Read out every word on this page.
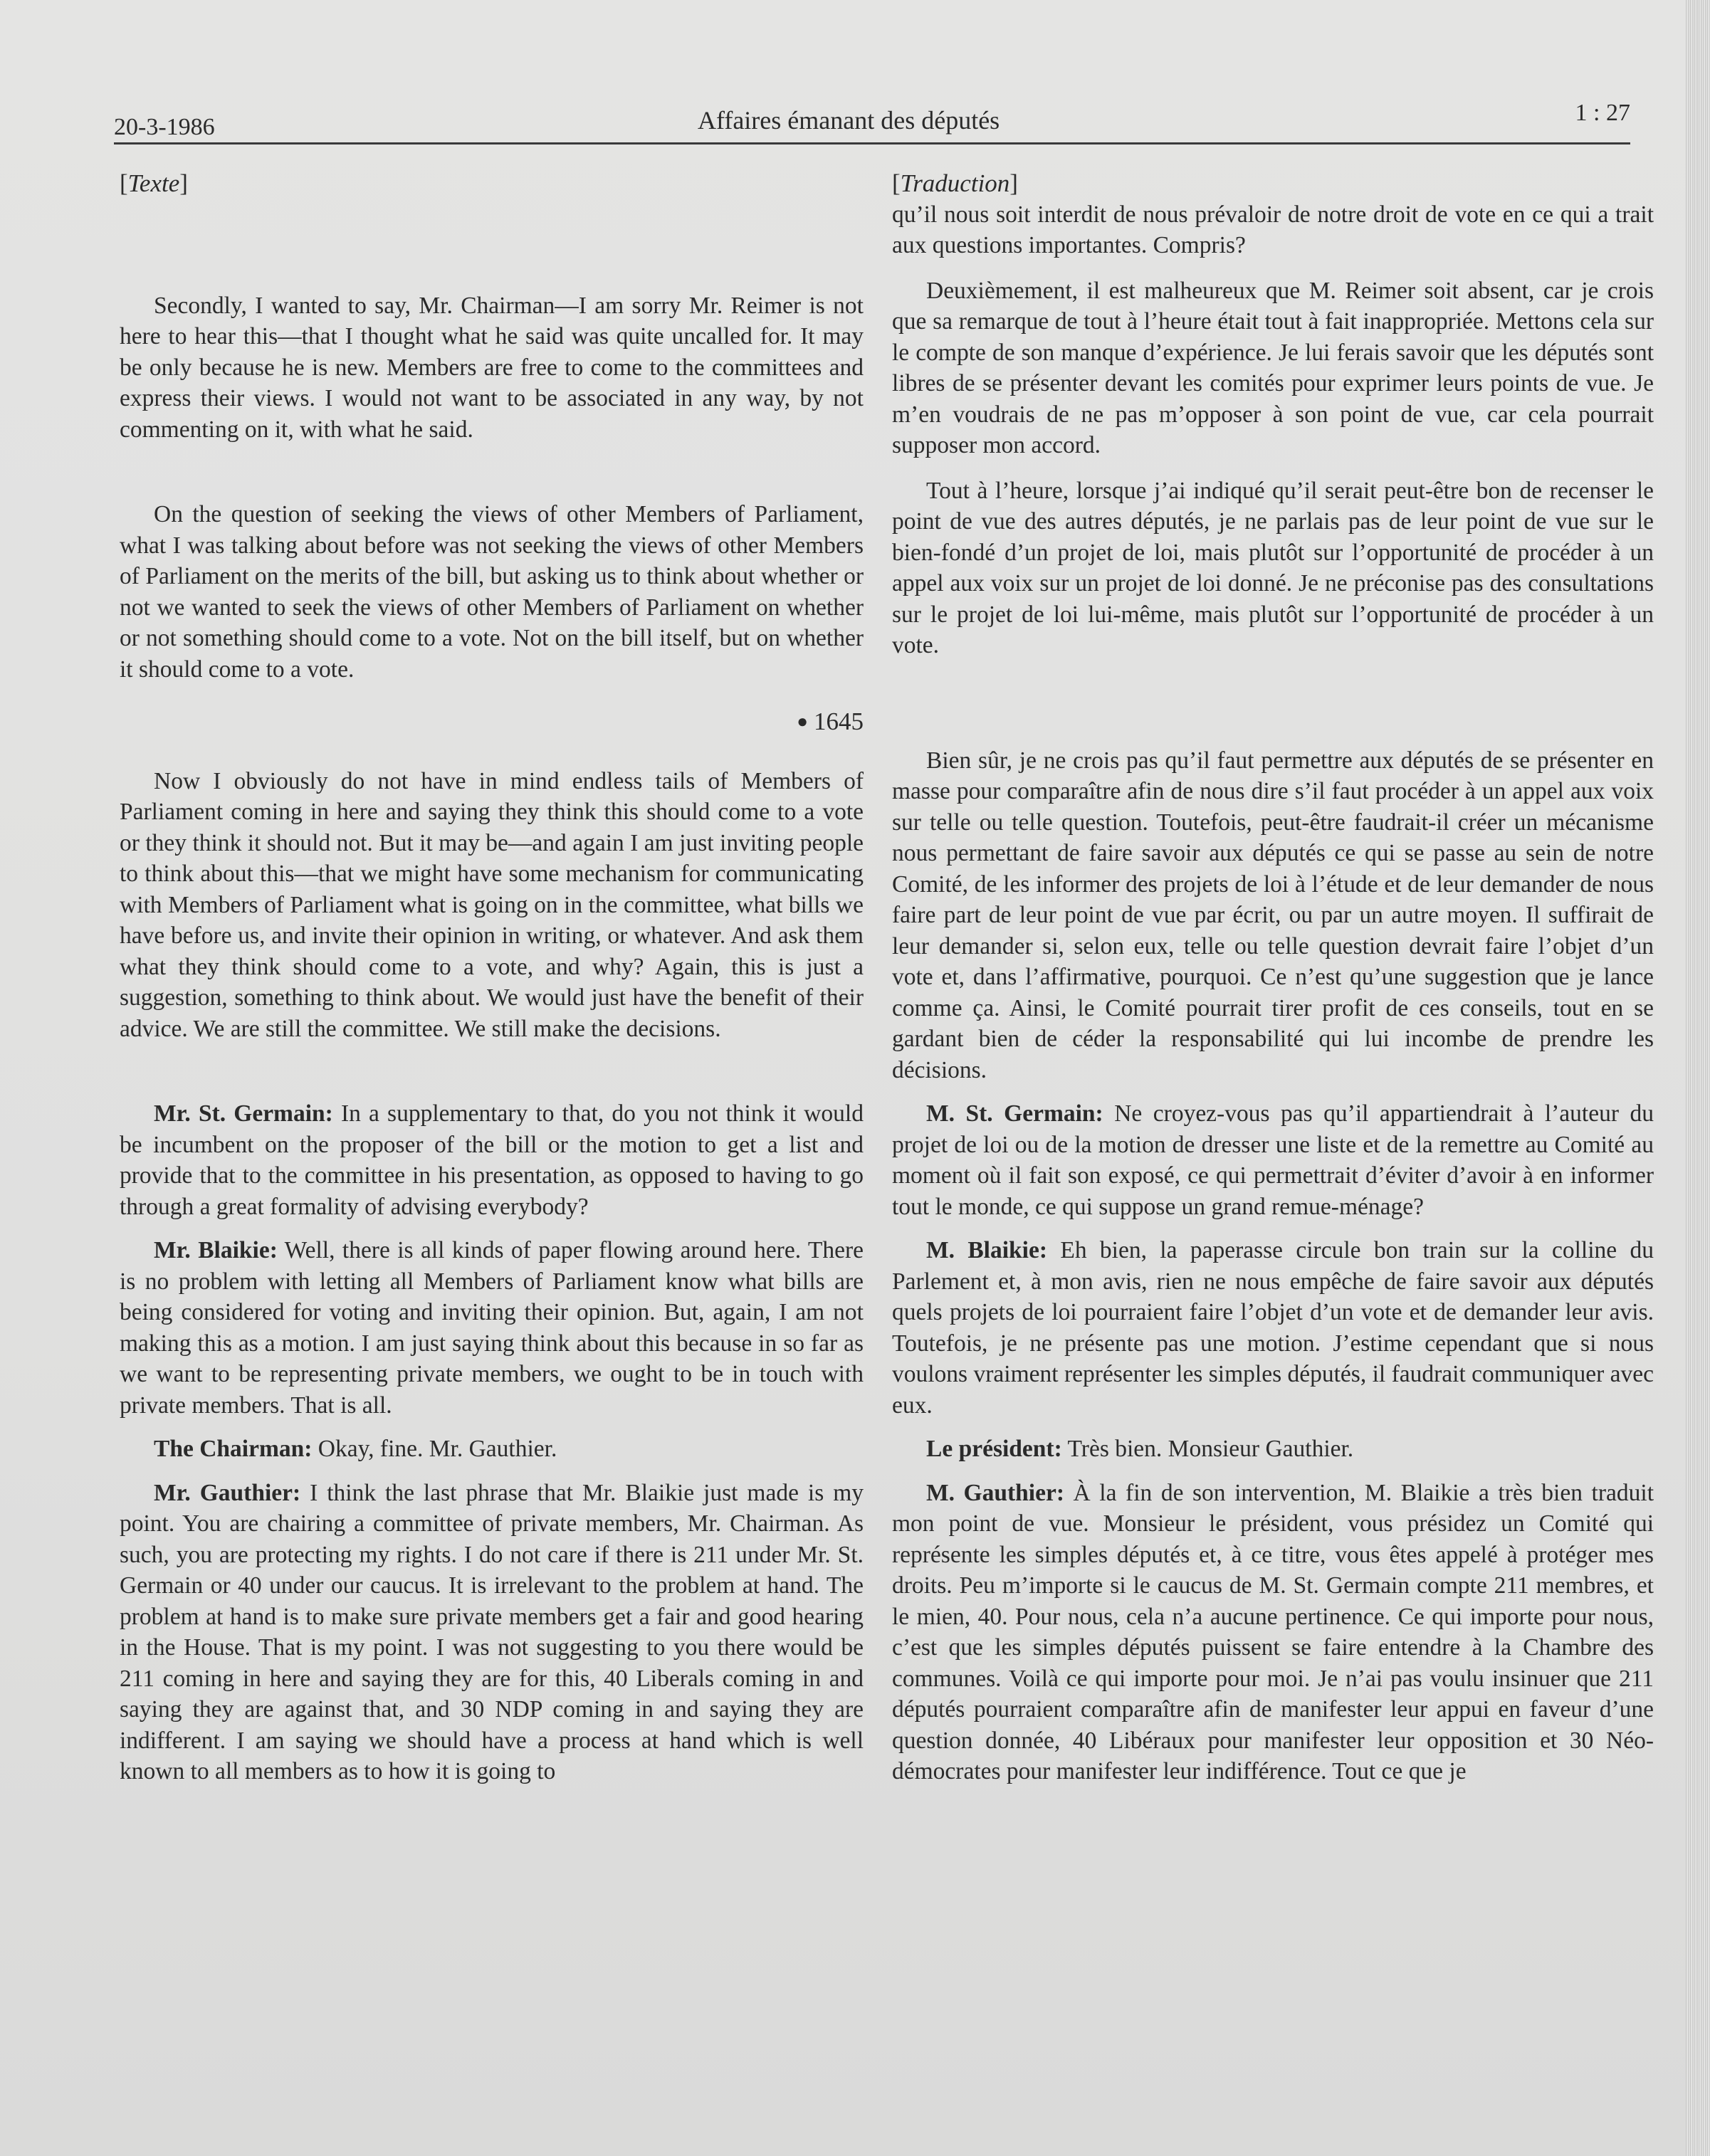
20-3-1986	Affaires émanant des députés	1 : 27

[Texte]

Secondly, I wanted to say, Mr. Chairman—I am sorry Mr. Reimer is not here to hear this—that I thought what he said was quite uncalled for. It may be only because he is new. Members are free to come to the committees and express their views. I would not want to be associated in any way, by not commenting on it, with what he said.

On the question of seeking the views of other Members of Parliament, what I was talking about before was not seeking the views of other Members of Parliament on the merits of the bill, but asking us to think about whether or not we wanted to seek the views of other Members of Parliament on whether or not something should come to a vote. Not on the bill itself, but on whether it should come to a vote.

● 1645

Now I obviously do not have in mind endless tails of Members of Parliament coming in here and saying they think this should come to a vote or they think it should not. But it may be—and again I am just inviting people to think about this—that we might have some mechanism for communicating with Members of Parliament what is going on in the committee, what bills we have before us, and invite their opinion in writing, or whatever. And ask them what they think should come to a vote, and why? Again, this is just a suggestion, something to think about. We would just have the benefit of their advice. We are still the committee. We still make the decisions.

Mr. St. Germain: In a supplementary to that, do you not think it would be incumbent on the proposer of the bill or the motion to get a list and provide that to the committee in his presentation, as opposed to having to go through a great formality of advising everybody?

Mr. Blaikie: Well, there is all kinds of paper flowing around here. There is no problem with letting all Members of Parliament know what bills are being considered for voting and inviting their opinion. But, again, I am not making this as a motion. I am just saying think about this because in so far as we want to be representing private members, we ought to be in touch with private members. That is all.

The Chairman: Okay, fine. Mr. Gauthier.

Mr. Gauthier: I think the last phrase that Mr. Blaikie just made is my point. You are chairing a committee of private members, Mr. Chairman. As such, you are protecting my rights. I do not care if there is 211 under Mr. St. Germain or 40 under our caucus. It is irrelevant to the problem at hand. The problem at hand is to make sure private members get a fair and good hearing in the House. That is my point. I was not suggesting to you there would be 211 coming in here and saying they are for this, 40 Liberals coming in and saying they are against that, and 30 NDP coming in and saying they are indifferent. I am saying we should have a process at hand which is well known to all members as to how it is going to

[Traduction]

qu’il nous soit interdit de nous prévaloir de notre droit de vote en ce qui a trait aux questions importantes. Compris?

Deuxièmement, il est malheureux que M. Reimer soit absent, car je crois que sa remarque de tout à l’heure était tout à fait inappropriée. Mettons cela sur le compte de son manque d’expérience. Je lui ferais savoir que les députés sont libres de se présenter devant les comités pour exprimer leurs points de vue. Je m’en voudrais de ne pas m’opposer à son point de vue, car cela pourrait supposer mon accord.

Tout à l’heure, lorsque j’ai indiqué qu’il serait peut-être bon de recenser le point de vue des autres députés, je ne parlais pas de leur point de vue sur le bien-fondé d’un projet de loi, mais plutôt sur l’opportunité de procéder à un appel aux voix sur un projet de loi donné. Je ne préconise pas des consultations sur le projet de loi lui-même, mais plutôt sur l’opportunité de procéder à un vote.

Bien sûr, je ne crois pas qu’il faut permettre aux députés de se présenter en masse pour comparaître afin de nous dire s’il faut procéder à un appel aux voix sur telle ou telle question. Toutefois, peut-être faudrait-il créer un mécanisme nous permettant de faire savoir aux députés ce qui se passe au sein de notre Comité, de les informer des projets de loi à l’étude et de leur demander de nous faire part de leur point de vue par écrit, ou par un autre moyen. Il suffirait de leur demander si, selon eux, telle ou telle question devrait faire l’objet d’un vote et, dans l’affirmative, pourquoi. Ce n’est qu’une suggestion que je lance comme ça. Ainsi, le Comité pourrait tirer profit de ces conseils, tout en se gardant bien de céder la responsabilité qui lui incombe de prendre les décisions.

M. St. Germain: Ne croyez-vous pas qu’il appartiendrait à l’auteur du projet de loi ou de la motion de dresser une liste et de la remettre au Comité au moment où il fait son exposé, ce qui permettrait d’éviter d’avoir à en informer tout le monde, ce qui suppose un grand remue-ménage?

M. Blaikie: Eh bien, la paperasse circule bon train sur la colline du Parlement et, à mon avis, rien ne nous empêche de faire savoir aux députés quels projets de loi pourraient faire l’objet d’un vote et de demander leur avis. Toutefois, je ne présente pas une motion. J’estime cependant que si nous voulons vraiment représenter les simples députés, il faudrait communiquer avec eux.

Le président: Très bien. Monsieur Gauthier.

M. Gauthier: À la fin de son intervention, M. Blaikie a très bien traduit mon point de vue. Monsieur le président, vous présidez un Comité qui représente les simples députés et, à ce titre, vous êtes appelé à protéger mes droits. Peu m’importe si le caucus de M. St. Germain compte 211 membres, et le mien, 40. Pour nous, cela n’a aucune pertinence. Ce qui importe pour nous, c’est que les simples députés puissent se faire entendre à la Chambre des communes. Voilà ce qui importe pour moi. Je n’ai pas voulu insinuer que 211 députés pourraient comparaître afin de manifester leur appui en faveur d’une question donnée, 40 Libéraux pour manifester leur opposition et 30 Néo-démocrates pour manifester leur indifférence. Tout ce que je
